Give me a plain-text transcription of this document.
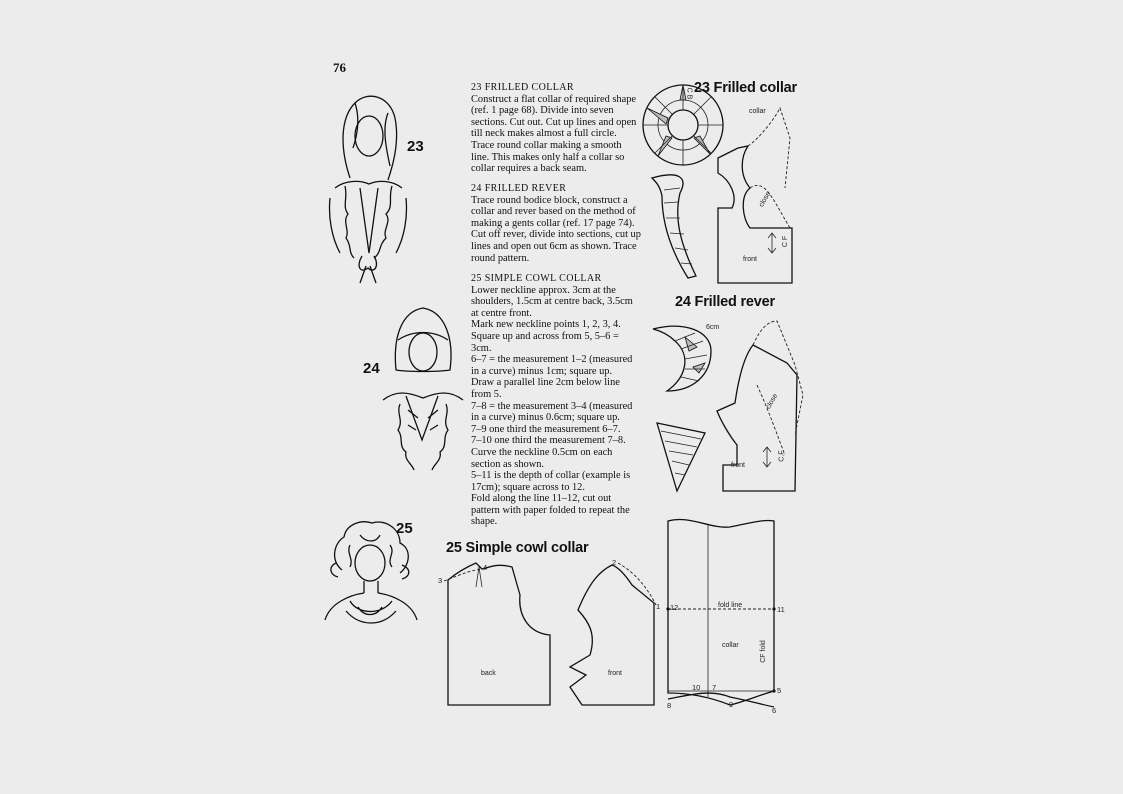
76
23
24
25
23 FRILLED COLLAR

Construct a flat collar of required shape (ref. 1 page 68). Divide into seven sections. Cut out. Cut up lines and open till neck makes almost a full circle. Trace round collar making a smooth line. This makes only half a collar so collar requires a back seam.

24 FRILLED REVER

Trace round bodice block, construct a collar and rever based on the method of making a gents collar (ref. 17 page 74). Cut off rever, divide into sections, cut up lines and open out 6cm as shown. Trace round pattern.

25 SIMPLE COWL COLLAR

Lower neckline approx. 3cm at the shoulders, 1.5cm at centre back, 3.5cm at centre front.

Mark new neckline points 1, 2, 3, 4.

Square up and across from 5, 5–6 = 3cm.

6–7 = the measurement 1–2 (measured in a curve) minus 1cm; square up.

Draw a parallel line 2cm below line from 5.

7–8 = the measurement 3–4 (measured in a curve) minus 0.6cm; square up.

7–9 one third the measurement 6–7.

7–10 one third the measurement 7–8.

Curve the neckline 0.5cm on each section as shown.

5–11 is the depth of collar (example is 17cm); square across to 12.

Fold along the line 11–12, cut out pattern with paper folded to repeat the shape.

23 Frilled collar
collar
C B
close
front
C F
24 Frilled rever
6cm
close
front
C.F.
25 Simple cowl collar
1
2
3
4
back	front
fold line
collar	CF fold
5
6
7
8	9
10
11
12
